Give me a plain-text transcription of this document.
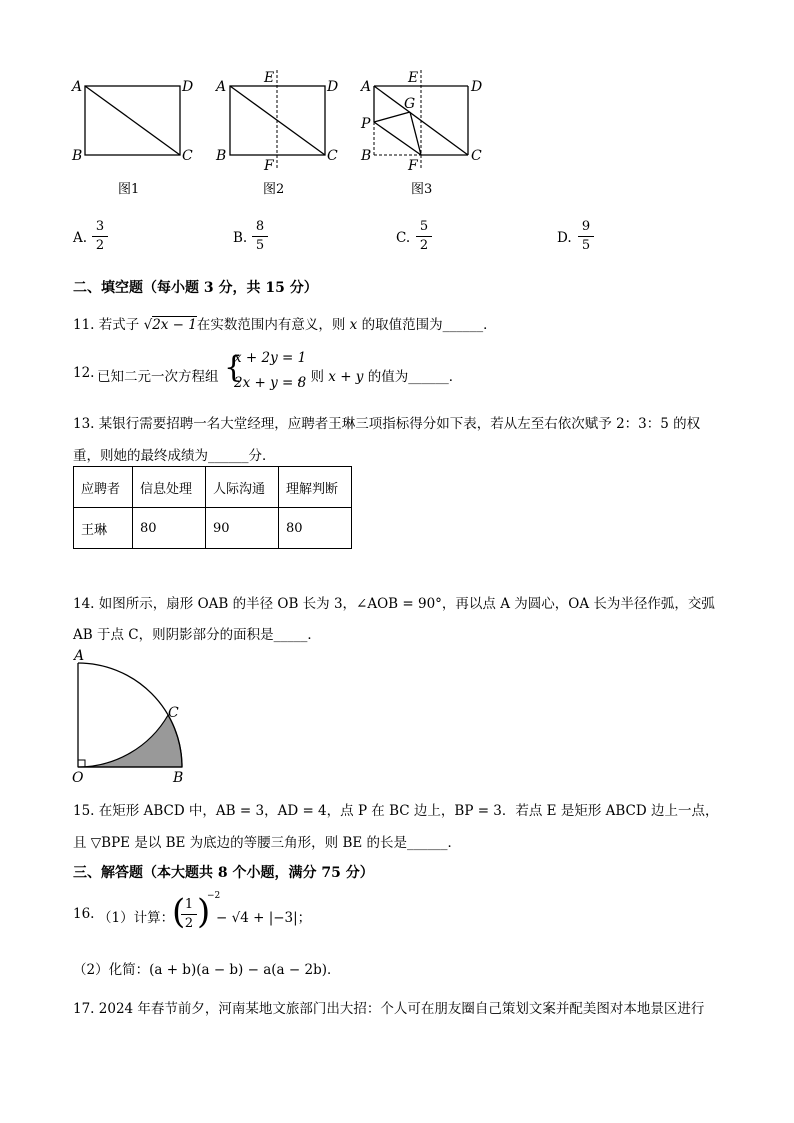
A	D
B	C
图1
A	D
B	C
E
F
图2
A	D
B	C
E
F
G
P
图3
A.
3
2	B.
8
5	C.
5
2	D.
9
5
二、填空题（每小题 3 分，共 15 分）
11. 若式子 √2x − 1在实数范围内有意义，则 x 的取值范围为______．
12. 已知二元一次方程组 {
x + 2y = 1
2x + y = 8
，则 x + y 的值为______．
13. 某银行需要招聘一名大堂经理，应聘者王琳三项指标得分如下表，若从左至右依次赋予 2：3：5 的权
重，则她的最终成绩为______分．
应聘者	信息处理	人际沟通	理解判断
王琳	80	90	80
14. 如图所示，扇形 OAB 的半径 OB 长为 3，∠AOB = 90°，再以点 A 为圆心，OA 长为半径作弧，交弧
AB 于点 C，则阴影部分的面积是_____．
A
C
O	B
15. 在矩形 ABCD 中，AB = 3，AD = 4，点 P 在 BC 边上，BP = 3．若点 E 是矩形 ABCD 边上一点，
且 ▽BPE 是以 BE 为底边的等腰三角形，则 BE 的长是______．
三、解答题（本大题共 8 个小题，满分 75 分）
16. （1）计算：
( 1
2 )
−2
− √4 + |−3|；
（2）化简：(a + b)(a − b) − a(a − 2b)．
17. 2024 年春节前夕，河南某地文旅部门出大招：个人可在朋友圈自己策划文案并配美图对本地景区进行
